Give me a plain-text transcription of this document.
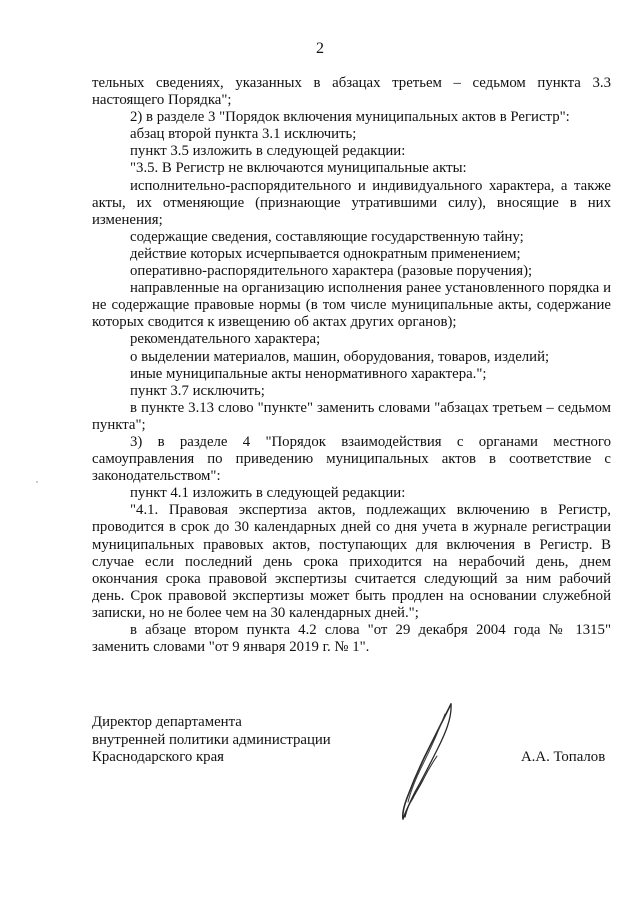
2

тельных сведениях, указанных в абзацах третьем – седьмом пункта 3.3 настоящего Порядка";

2) в разделе 3 "Порядок включения муниципальных актов в Регистр":

абзац второй пункта 3.1 исключить;

пункт 3.5 изложить в следующей редакции:

"3.5. В Регистр не включаются муниципальные акты:

исполнительно-распорядительного и индивидуального характера, а также акты, их отменяющие (признающие утратившими силу), вносящие в них изменения;

содержащие сведения, составляющие государственную тайну;

действие которых исчерпывается однократным применением;

оперативно-распорядительного характера (разовые поручения);

направленные на организацию исполнения ранее установленного порядка и не содержащие правовые нормы (в том числе муниципальные акты, содержание которых сводится к извещению об актах других органов);

рекомендательного характера;

о выделении материалов, машин, оборудования, товаров, изделий;

иные муниципальные акты ненормативного характера.";

пункт 3.7 исключить;

в пункте 3.13 слово "пункте" заменить словами "абзацах третьем – седьмом пункта";

3) в разделе 4 "Порядок взаимодействия с органами местного самоуправления по приведению муниципальных актов в соответствие с законодательством":

пункт 4.1 изложить в следующей редакции:

"4.1. Правовая экспертиза актов, подлежащих включению в Регистр, проводится в срок до 30 календарных дней со дня учета в журнале регистрации муниципальных правовых актов, поступающих для включения в Регистр. В случае если последний день срока приходится на нерабочий день, днем окончания срока правовой экспертизы считается следующий за ним рабочий день. Срок правовой экспертизы может быть продлен на основании служебной записки, но не более чем на 30 календарных дней.";

в абзаце втором пункта 4.2 слова "от 29 декабря 2004 года № 1315" заменить словами "от 9 января 2019 г. № 1".

Директор департамента
внутренней политики администрации
Краснодарского края	А.А. Топалов
